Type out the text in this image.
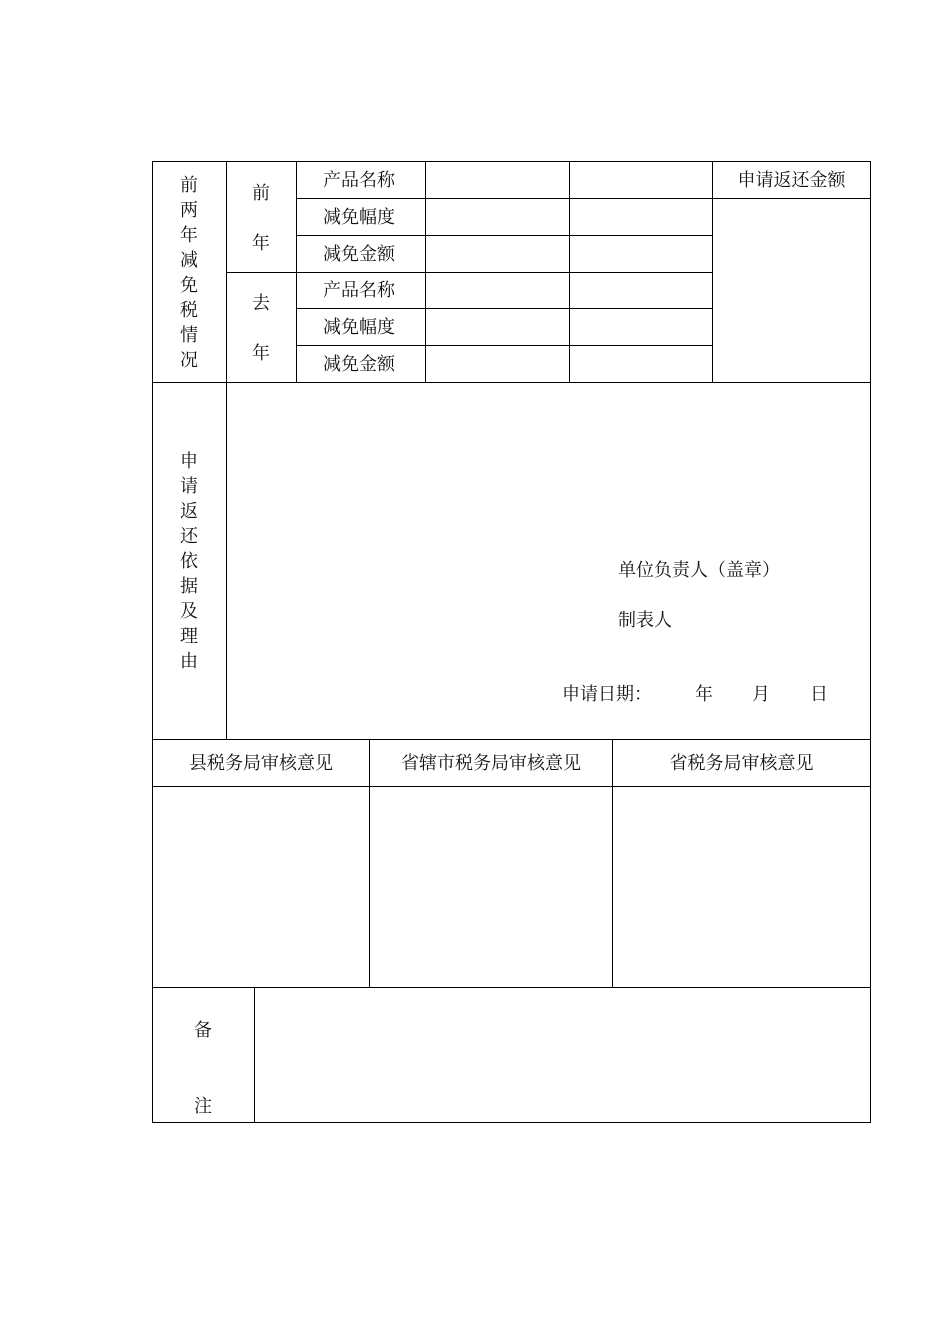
前
两
年
减
免
税
情
况
前
年
去
年
产品名称
减免幅度
减免金额
产品名称
减免幅度
减免金额
申请返还金额
申
请
返
还
依
据
及
理
由
单位负责人（盖章）
制表人
申请日期： 年 月 日
县税务局审核意见	省辖市税务局审核意见	省税务局审核意见
备
注
